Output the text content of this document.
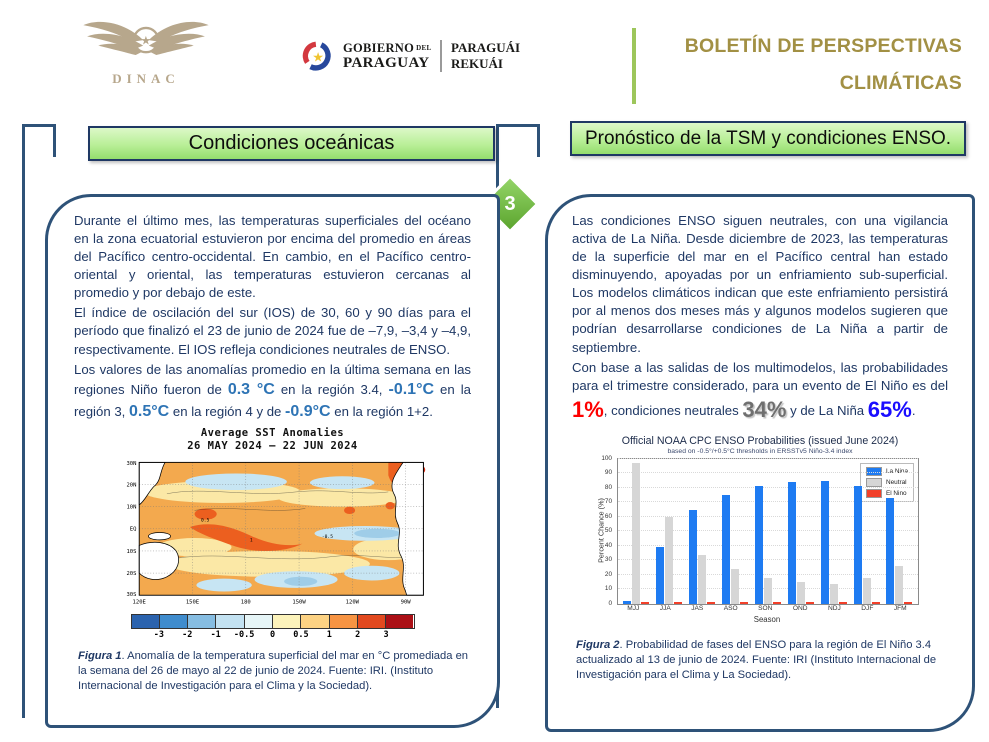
★
DINAC
★
GOBIERNO DEL
PARAGUAY
PARAGUÁI
REKUÁI
BOLETÍN DE PERSPECTIVAS
CLIMÁTICAS
Condiciones oceánicas	Pronóstico de la TSM y condiciones ENSO.
3

Durante el último mes, las temperaturas superficiales del océano en la zona ecuatorial estuvieron por encima del promedio en áreas del Pacífico centro-occidental. En cambio, en el Pacífico centro-oriental y oriental, las temperaturas estuvieron cercanas al promedio y por debajo de este.

El índice de oscilación del sur (IOS) de 30, 60 y 90 días para el período que finalizó el 23 de junio de 2024 fue de –7,9, –3,4 y –4,9, respectivamente. El IOS refleja condiciones neutrales de ENSO.

Los valores de las anomalías promedio en la última semana en las regiones Niño fueron de 0.3 °C en la región 3.4, -0.1°C en la región 3, 0.5°C en la región 4 y de -0.9°C en la región 1+2.

Average SST Anomalies
26 MAY 2024 – 22 JUN 2024
30N
20N
10N
EQ
10S
20S
30S
120E	150E	180	150W	120W	90W
0.5
1
-0.5
-3 -2 -1 -0.5 0 0.5 1	2	3
Figura 1. Anomalía de la temperatura superficial del mar en °C promediada en la semana del 26 de mayo al 22 de junio de 2024. Fuente: IRI. (Instituto Internacional de Investigación para el Clima y la Sociedad).

Las condiciones ENSO siguen neutrales, con una vigilancia activa de La Niña. Desde diciembre de 2023, las temperaturas de la superficie del mar en el Pacífico central han estado disminuyendo, apoyadas por un enfriamiento sub-superficial. Los modelos climáticos indican que este enfriamiento persistirá por al menos dos meses más y algunos modelos sugieren que podrían desarrollarse condiciones de La Niña a partir de septiembre.

Con base a las salidas de los multimodelos, las probabilidades para el trimestre considerado, para un evento de El Niño es del 1%, condiciones neutrales 34% y de La Niña 65%.

Official NOAA CPC ENSO Probabilities (issued June 2024)
based on -0.5°/+0.5°C thresholds in ERSSTv5 Niño-3.4 index
Percent Chance (%)
0
10
20
30
40
50
60
70
80
90
100
La Nina
Neutral
El Nino
MJJ	JJA	JAS	ASO	SON	OND	NDJ	DJF	JFM
Season
Figura 2. Probabilidad de fases del ENSO para la región de El Niño 3.4 actualizado al 13 de junio de 2024. Fuente: IRI (Instituto Internacional de Investigación para el Clima y La Sociedad).
